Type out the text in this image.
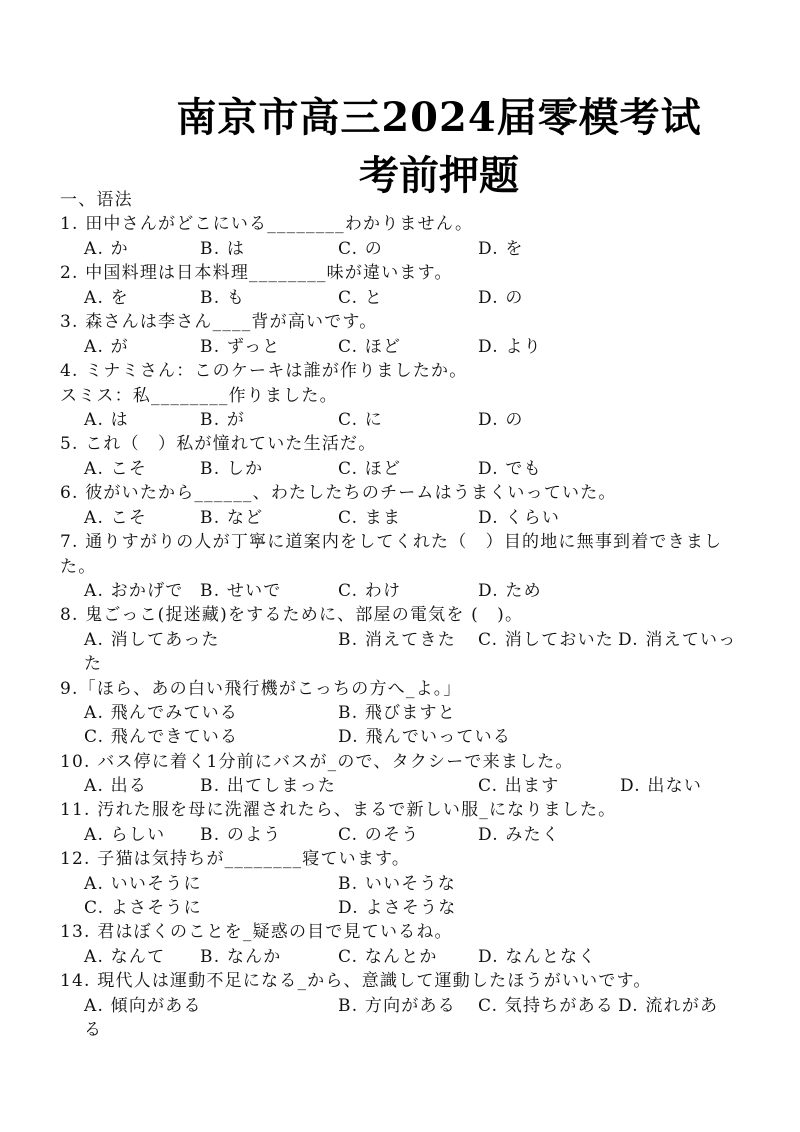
南京市高三2024届零模考试
考前押题
一、语法
1. 田中さんがどこにいる________わかりません。
A. か	B. は	C. の	D. を
2. 中国料理は日本料理________味が違います。
A. を	B. も	C. と	D. の
3. 森さんは李さん____背が高いです。
A. が	B. ずっと	C. ほど	D. より
4. ミナミさん：このケーキは誰が作りましたか。
スミス：私________作りました。
A. は	B. が	C. に	D. の
5. これ（　）私が憧れていた生活だ。
A. こそ	B. しか	C. ほど	D. でも
6. 彼がいたから______、わたしたちのチームはうまくいっていた。
A. こそ	B. など	C. まま	D. くらい
7. 通りすがりの人が丁寧に道案内をしてくれた（　）目的地に無事到着できまし
た。
A. おかげで B. せいで	C. わけ	D. ため
8. 鬼ごっこ(捉迷藏)をするために、部屋の電気を (　)。
A. 消してあった	B. 消えてきた C. 消しておいた D. 消えていっ
た
9.「ほら、あの白い飛行機がこっちの方へ_よ。」
A. 飛んでみている	B. 飛びますと
C. 飛んできている	D. 飛んでいっている
10. バス停に着く1分前にバスが_ので、タクシーで来ました。
A. 出る	B. 出てしまった	C. 出ます	D. 出ない
11. 汚れた服を母に洗濯されたら、まるで新しい服_になりました。
A. らしい B. のよう	C. のそう	D. みたく
12. 子猫は気持ちが________寝ています。
A. いいそうに	B. いいそうな
C. よさそうに	D. よさそうな
13. 君はぼくのことを_疑惑の目で見ているね。
A. なんて B. なんか	C. なんとか D. なんとなく
14. 現代人は運動不足になる_から、意識して運動したほうがいいです。
A. 傾向がある	B. 方向がある C. 気持ちがある D. 流れがあ
る
